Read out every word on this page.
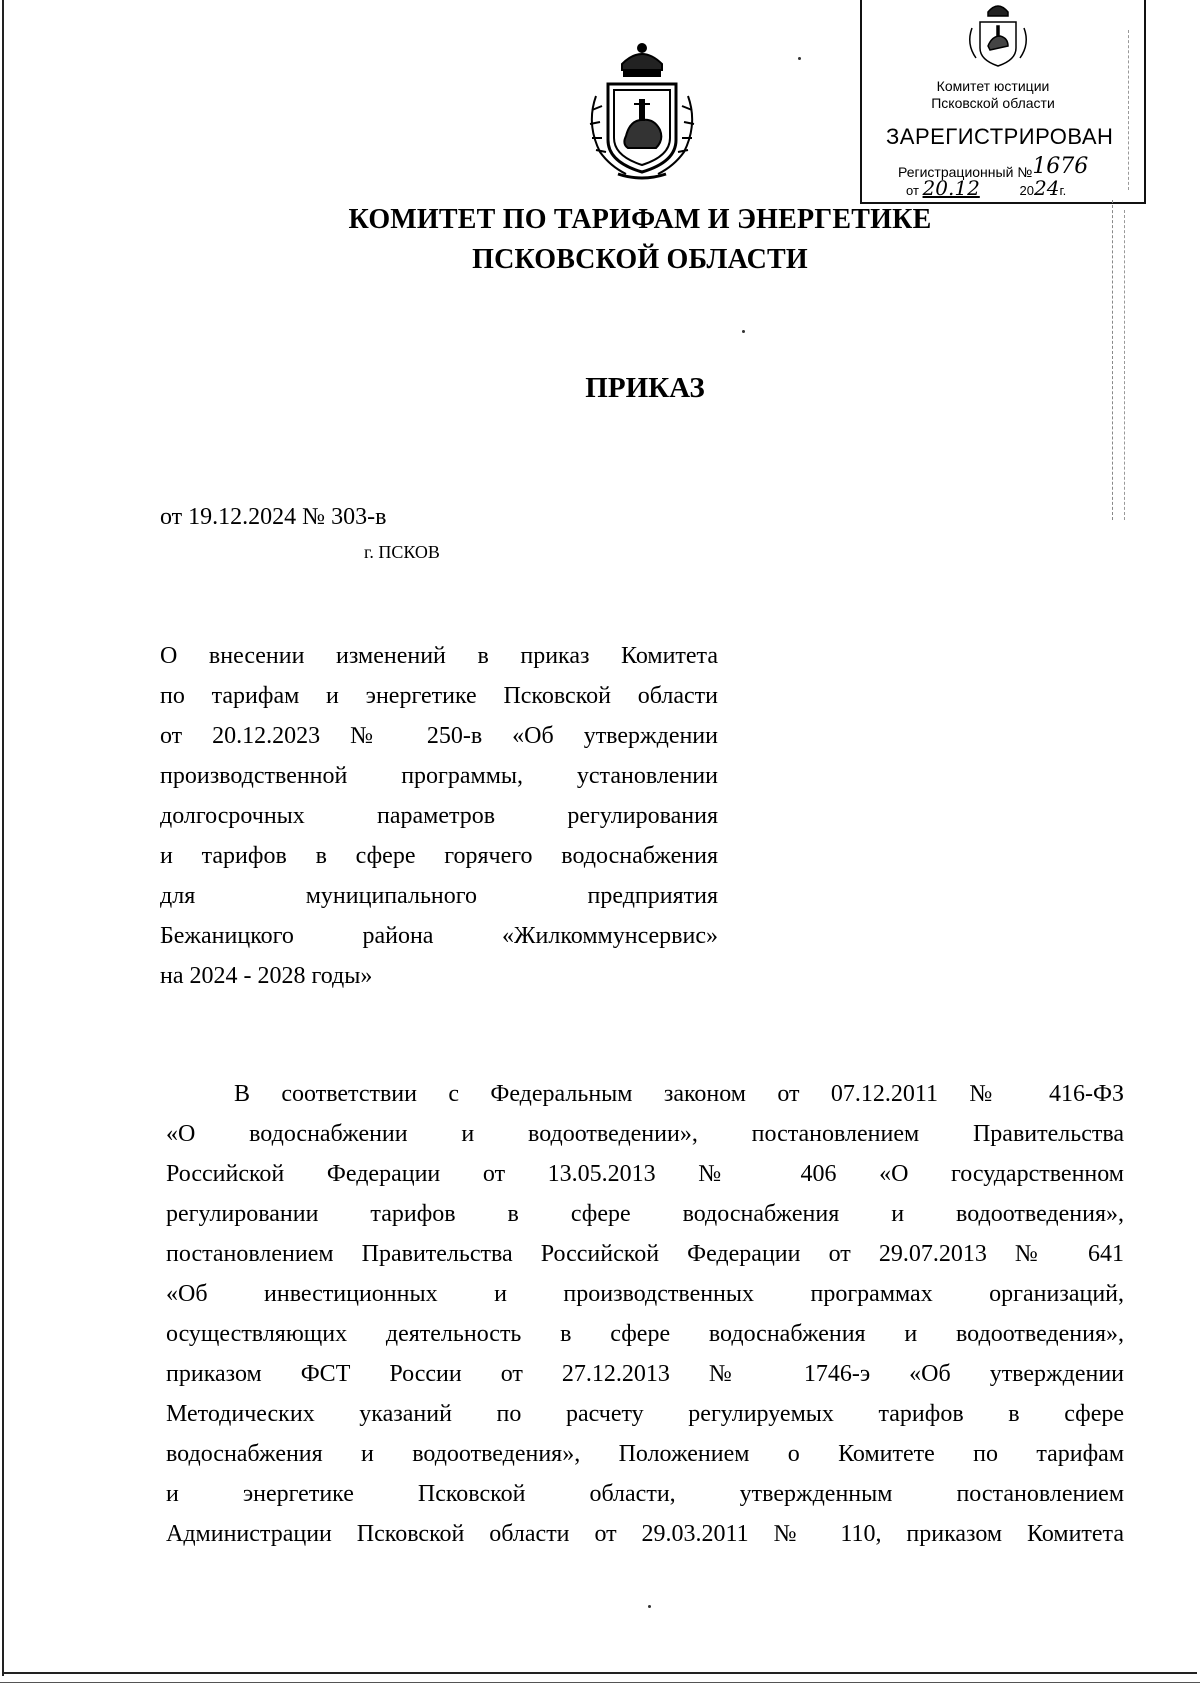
Комитет юстиции
Псковской области
ЗАРЕГИСТРИРОВАН
Регистрационный №1676
от 20.12	2024г.
КОМИТЕТ ПО ТАРИФАМ И ЭНЕРГЕТИКЕ
ПСКОВСКОЙ ОБЛАСТИ
ПРИКАЗ
от 19.12.2024 № 303-в
г. ПСКОВ
О внесении изменений в приказ Комитета
по тарифам и энергетике Псковской области
от 20.12.2023 № 250-в «Об утверждении
производственной программы, установлении
долгосрочных параметров регулирования
и тарифов в сфере горячего водоснабжения
для муниципального предприятия
Бежаницкого района «Жилкоммунсервис»
на 2024 - 2028 годы»
В соответствии с Федеральным законом от 07.12.2011 № 416-ФЗ
«О водоснабжении и водоотведении», постановлением Правительства
Российской Федерации от 13.05.2013 № 406 «О государственном
регулировании тарифов в сфере водоснабжения и водоотведения»,
постановлением Правительства Российской Федерации от 29.07.2013 № 641
«Об инвестиционных и производственных программах организаций,
осуществляющих деятельность в сфере водоснабжения и водоотведения»,
приказом ФСТ России от 27.12.2013 № 1746-э «Об утверждении
Методических указаний по расчету регулируемых тарифов в сфере
водоснабжения и водоотведения», Положением о Комитете по тарифам
и энергетике Псковской области, утвержденным постановлением
Администрации Псковской области от 29.03.2011 № 110, приказом Комитета
